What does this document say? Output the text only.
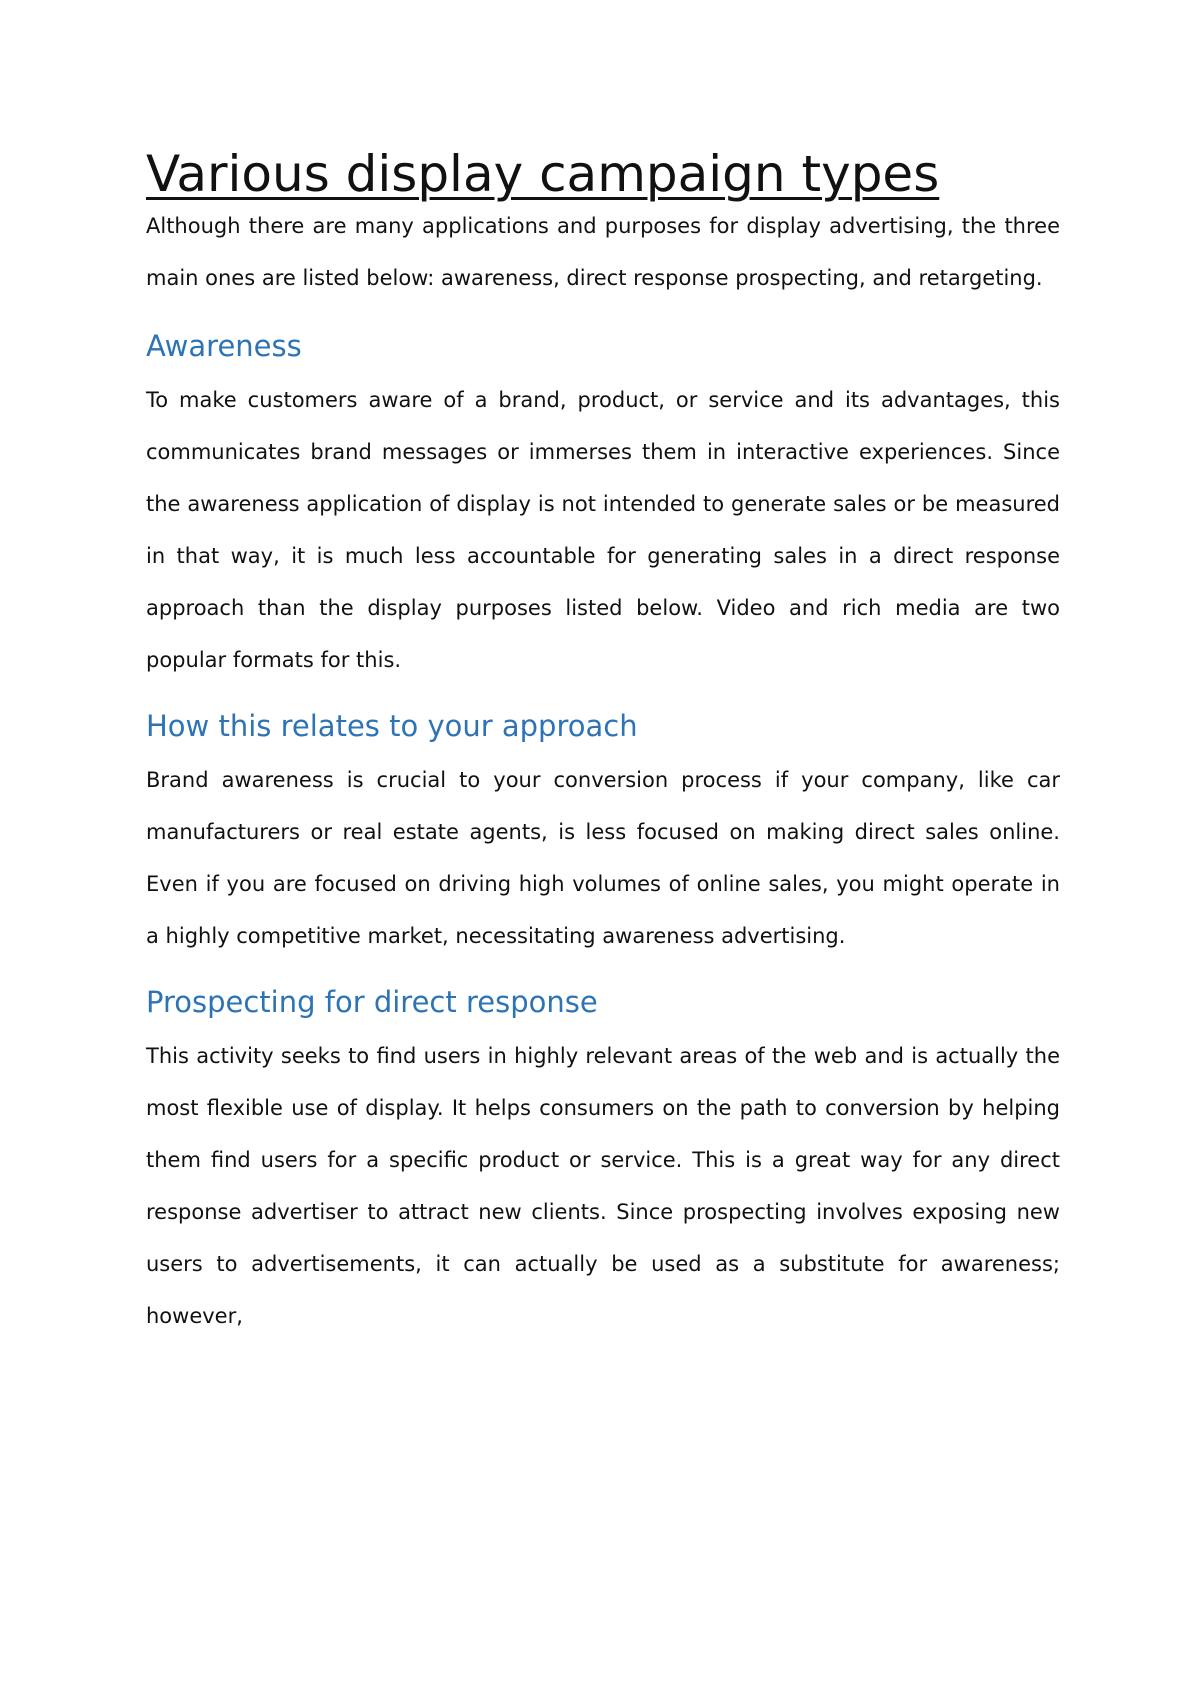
Various display campaign types

Although there are many applications and purposes for display advertising, the three main ones are listed below: awareness, direct response prospecting, and retargeting.

Awareness

To make customers aware of a brand, product, or service and its advantages, this communicates brand messages or immerses them in interactive experiences. Since the awareness application of display is not intended to generate sales or be measured in that way, it is much less accountable for generating sales in a direct response approach than the display purposes listed below. Video and rich media are two popular formats for this.

How this relates to your approach

Brand awareness is crucial to your conversion process if your company, like car manufacturers or real estate agents, is less focused on making direct sales online. Even if you are focused on driving high volumes of online sales, you might operate in a highly competitive market, necessitating awareness advertising.

Prospecting for direct response

This activity seeks to find users in highly relevant areas of the web and is actually the most flexible use of display. It helps consumers on the path to conversion by helping them find users for a specific product or service. This is a great way for any direct response advertiser to attract new clients. Since prospecting involves exposing new users to advertisements, it can actually be used as a substitute for awareness; however,
